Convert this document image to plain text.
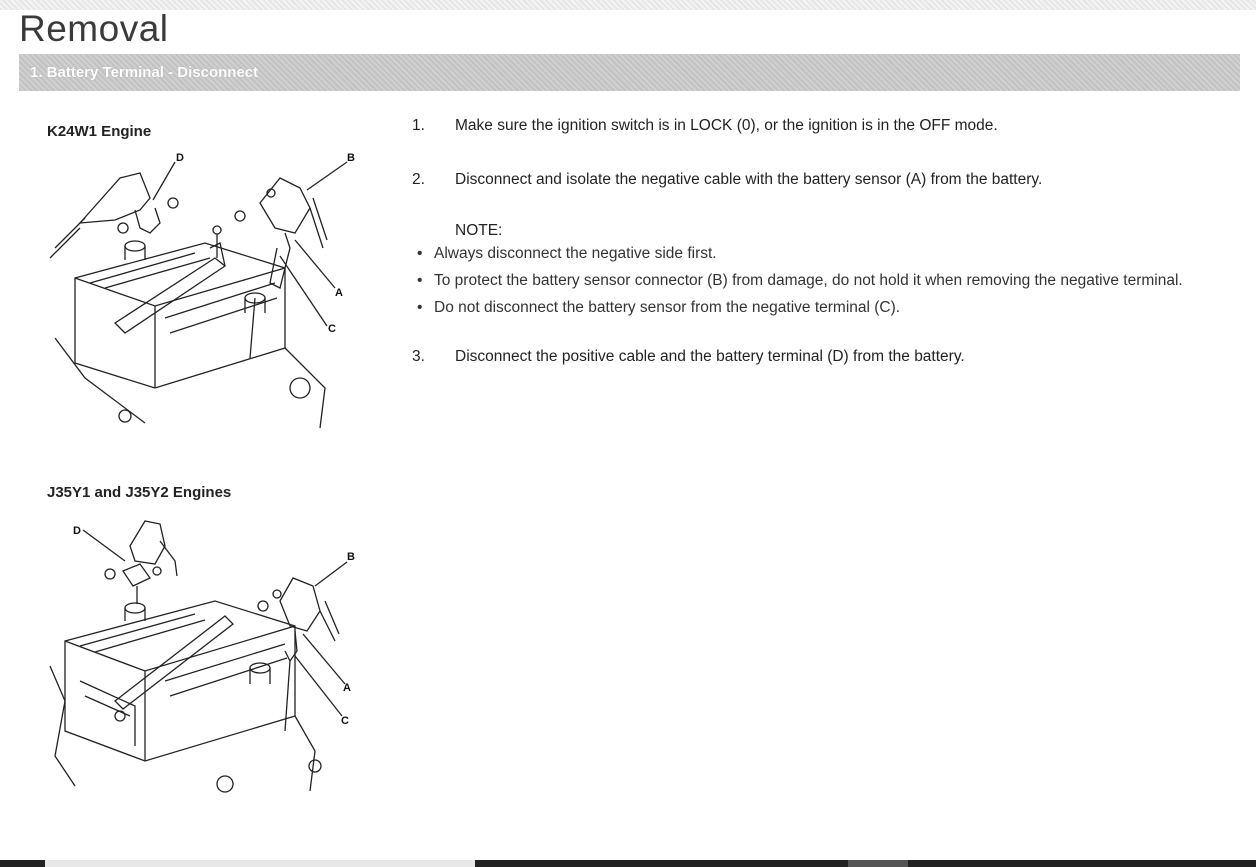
Removal
1. Battery Terminal - Disconnect
K24W1 Engine
D	B
A
C
J35Y1 and J35Y2 Engines
D
B
A
C
1.	Make sure the ignition switch is in LOCK (0), or the ignition is in the OFF mode.
2.	Disconnect and isolate the negative cable with the battery sensor (A) from the battery.
3.	Disconnect the positive cable and the battery terminal (D) from the battery.
NOTE:
• Always disconnect the negative side first.
• To protect the battery sensor connector (B) from damage, do not hold it when removing the negative terminal.
• Do not disconnect the battery sensor from the negative terminal (C).
